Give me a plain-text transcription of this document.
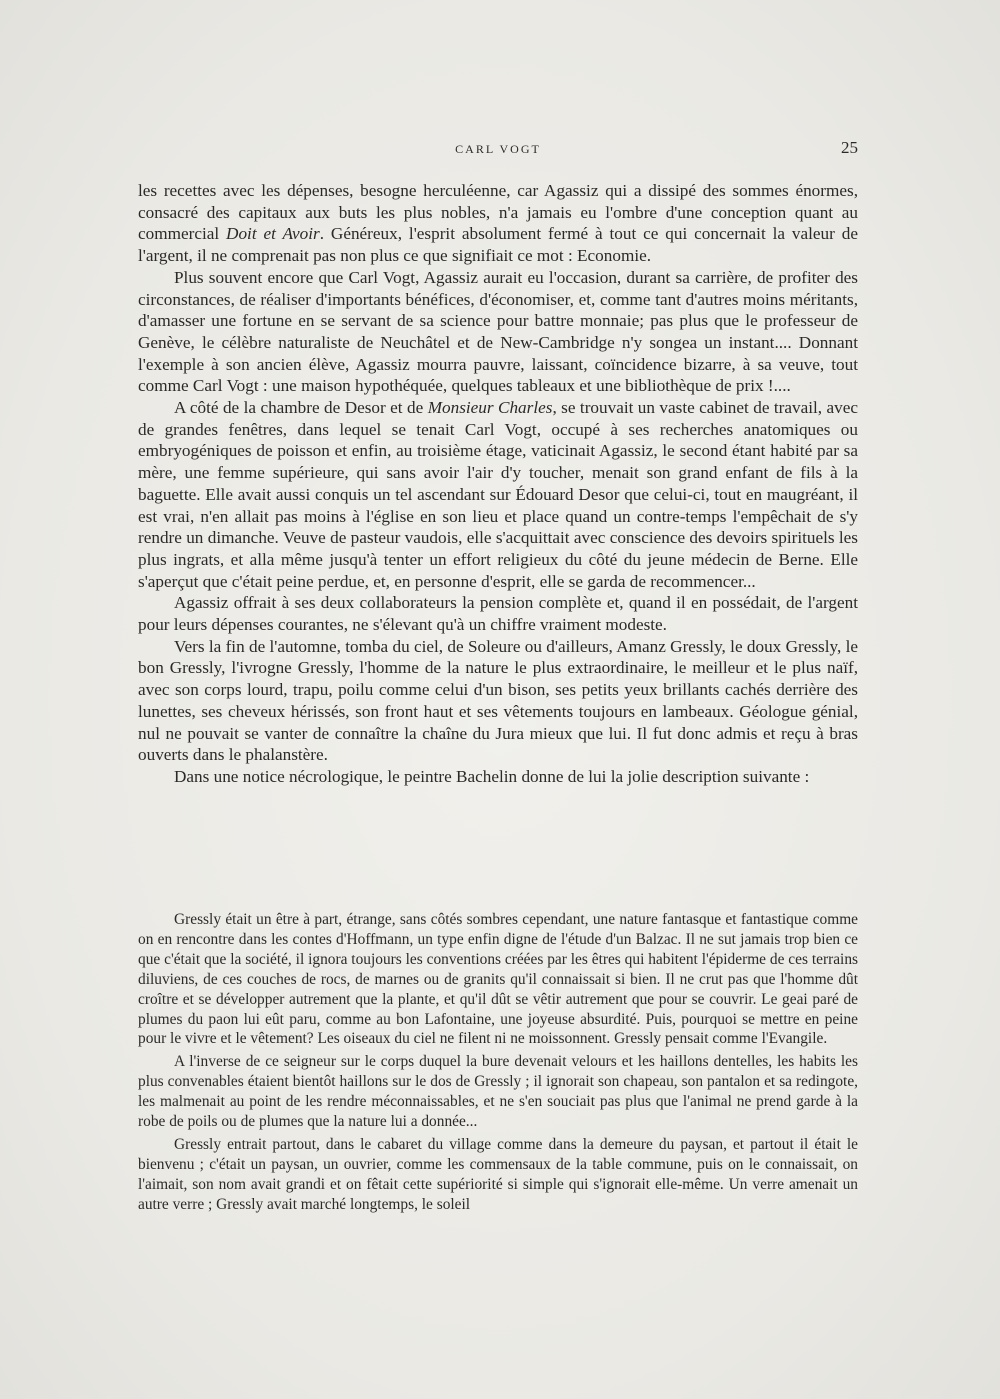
CARL VOGT	25

les recettes avec les dépenses, besogne herculéenne, car Agassiz qui a dissipé des sommes énormes, consacré des capitaux aux buts les plus nobles, n'a jamais eu l'ombre d'une conception quant au commercial Doit et Avoir. Généreux, l'esprit absolument fermé à tout ce qui concernait la valeur de l'argent, il ne comprenait pas non plus ce que signifiait ce mot : Economie.

Plus souvent encore que Carl Vogt, Agassiz aurait eu l'occasion, durant sa carrière, de profiter des circonstances, de réaliser d'importants bénéfices, d'économiser, et, comme tant d'autres moins méritants, d'amasser une fortune en se servant de sa science pour battre monnaie; pas plus que le professeur de Genève, le célèbre naturaliste de Neuchâtel et de New-Cambridge n'y songea un instant.... Donnant l'exemple à son ancien élève, Agassiz mourra pauvre, laissant, coïncidence bizarre, à sa veuve, tout comme Carl Vogt : une maison hypothéquée, quelques tableaux et une bibliothèque de prix !....

A côté de la chambre de Desor et de Monsieur Charles, se trouvait un vaste cabinet de travail, avec de grandes fenêtres, dans lequel se tenait Carl Vogt, occupé à ses recherches anatomiques ou embryogéniques de poisson et enfin, au troisième étage, vaticinait Agassiz, le second étant habité par sa mère, une femme supérieure, qui sans avoir l'air d'y toucher, menait son grand enfant de fils à la baguette. Elle avait aussi conquis un tel ascendant sur Édouard Desor que celui-ci, tout en maugréant, il est vrai, n'en allait pas moins à l'église en son lieu et place quand un contre-temps l'empêchait de s'y rendre un dimanche. Veuve de pasteur vaudois, elle s'acquittait avec conscience des devoirs spirituels les plus ingrats, et alla même jusqu'à tenter un effort religieux du côté du jeune médecin de Berne. Elle s'aperçut que c'était peine perdue, et, en personne d'esprit, elle se garda de recommencer...

Agassiz offrait à ses deux collaborateurs la pension complète et, quand il en possédait, de l'argent pour leurs dépenses courantes, ne s'élevant qu'à un chiffre vraiment modeste.

Vers la fin de l'automne, tomba du ciel, de Soleure ou d'ailleurs, Amanz Gressly, le doux Gressly, le bon Gressly, l'ivrogne Gressly, l'homme de la nature le plus extraordinaire, le meilleur et le plus naïf, avec son corps lourd, trapu, poilu comme celui d'un bison, ses petits yeux brillants cachés derrière des lunettes, ses cheveux hérissés, son front haut et ses vêtements toujours en lambeaux. Géologue génial, nul ne pouvait se vanter de connaître la chaîne du Jura mieux que lui. Il fut donc admis et reçu à bras ouverts dans le phalanstère.

Dans une notice nécrologique, le peintre Bachelin donne de lui la jolie description suivante :

Gressly était un être à part, étrange, sans côtés sombres cependant, une nature fantasque et fantastique comme on en rencontre dans les contes d'Hoffmann, un type enfin digne de l'étude d'un Balzac. Il ne sut jamais trop bien ce que c'était que la société, il ignora toujours les conventions créées par les êtres qui habitent l'épiderme de ces terrains diluviens, de ces couches de rocs, de marnes ou de granits qu'il connaissait si bien. Il ne crut pas que l'homme dût croître et se développer autrement que la plante, et qu'il dût se vêtir autrement que pour se couvrir. Le geai paré de plumes du paon lui eût paru, comme au bon Lafontaine, une joyeuse absurdité. Puis, pourquoi se mettre en peine pour le vivre et le vêtement? Les oiseaux du ciel ne filent ni ne moissonnent. Gressly pensait comme l'Evangile.

A l'inverse de ce seigneur sur le corps duquel la bure devenait velours et les haillons dentelles, les habits les plus convenables étaient bientôt haillons sur le dos de Gressly ; il ignorait son chapeau, son pantalon et sa redingote, les malmenait au point de les rendre méconnaissables, et ne s'en souciait pas plus que l'animal ne prend garde à la robe de poils ou de plumes que la nature lui a donnée...

Gressly entrait partout, dans le cabaret du village comme dans la demeure du paysan, et partout il était le bienvenu ; c'était un paysan, un ouvrier, comme les commensaux de la table commune, puis on le connaissait, on l'aimait, son nom avait grandi et on fêtait cette supériorité si simple qui s'ignorait elle-même. Un verre amenait un autre verre ; Gressly avait marché longtemps, le soleil
